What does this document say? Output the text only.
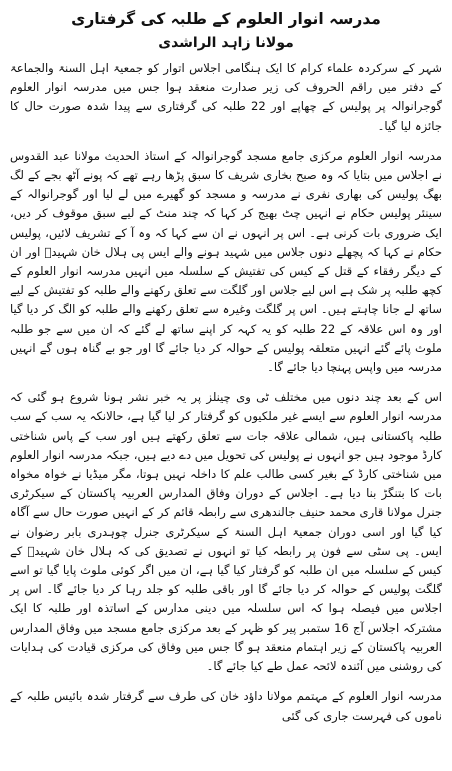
مدرسہ انوار العلوم کے طلبہ کی گرفتاری
مولانا زاہد الراشدی

شہر کے سرکردہ علماء کرام کا ایک ہنگامی اجلاس اتوار کو جمعیۃ اہل السنۃ والجماعۃ کے دفتر میں راقم الحروف کی زیر صدارت منعقد ہوا جس میں مدرسہ انوار العلوم گوجرانوالہ پر پولیس کے چھاپے اور 22 طلبہ کی گرفتاری سے پیدا شدہ صورت حال کا جائزہ لیا گیا۔

مدرسہ انوار العلوم مرکزی جامع مسجد گوجرانوالہ کے استاذ الحدیث مولانا عبد القدوس نے اجلاس میں بتایا کہ وہ صبح بخاری شریف کا سبق پڑھا رہے تھے کہ پونے آٹھ بجے کے لگ بھگ پولیس کی بھاری نفری نے مدرسہ و مسجد کو گھیرے میں لے لیا اور گوجرانوالہ کے سینئر پولیس حکام نے انہیں چٹ بھیج کر کہا کہ چند منٹ کے لیے سبق موقوف کر دیں، ایک ضروری بات کرنی ہے۔ اس پر انہوں نے ان سے کہا کہ وہ آ کے تشریف لائیں، پولیس حکام نے کہا کہ پچھلے دنوں جلاس میں شہید ہونے والے ایس پی ہلال خان شہیدؒ اور ان کے دیگر رفقاء کے قتل کے کیس کی تفتیش کے سلسلہ میں انہیں مدرسہ انوار العلوم کے کچھ طلبہ پر شک ہے اس لیے جلاس اور گلگت سے تعلق رکھنے والے طلبہ کو تفتیش کے لیے ساتھ لے جانا چاہتے ہیں۔ اس پر گلگت وغیرہ سے تعلق رکھنے والے طلبہ کو الگ کر دیا گیا اور وہ اس علاقہ کے 22 طلبہ کو یہ کہہ کر اپنے ساتھ لے گئے کہ ان میں سے جو طلبہ ملوث پائے گئے انہیں متعلقہ پولیس کے حوالہ کر دیا جائے گا اور جو بے گناہ ہوں گے انہیں مدرسہ میں واپس پہنچا دیا جائے گا۔

اس کے بعد چند دنوں میں مختلف ٹی وی چینلز پر یہ خبر نشر ہونا شروع ہو گئی کہ مدرسہ انوار العلوم سے ایسے غیر ملکیوں کو گرفتار کر لیا گیا ہے، حالانکہ یہ سب کے سب طلبہ پاکستانی ہیں، شمالی علاقہ جات سے تعلق رکھتے ہیں اور سب کے پاس شناختی کارڈ موجود ہیں جو انہوں نے پولیس کی تحویل میں دے دیے ہیں، جبکہ مدرسہ انوار العلوم میں شناختی کارڈ کے بغیر کسی طالب علم کا داخلہ نہیں ہوتا، مگر میڈیا نے خواہ مخواہ بات کا بتنگڑ بنا دیا ہے۔ اجلاس کے دوران وفاق المدارس العربیہ پاکستان کے سیکرٹری جنرل مولانا قاری محمد حنیف جالندھری سے رابطہ قائم کر کے انہیں صورت حال سے آگاہ کیا گیا اور اسی دوران جمعیۃ اہل السنۃ کے سیکرٹری جنرل چوہدری بابر رضوان نے ایس۔ پی سٹی سے فون پر رابطہ کیا تو انہوں نے تصدیق کی کہ ہلال خان شہیدؒ کے کیس کے سلسلہ میں ان طلبہ کو گرفتار کیا گیا ہے، ان میں اگر کوئی ملوث پایا گیا تو اسے گلگت پولیس کے حوالہ کر دیا جائے گا اور باقی طلبہ کو جلد رہا کر دیا جائے گا۔ اس پر اجلاس میں فیصلہ ہوا کہ اس سلسلہ میں دینی مدارس کے اساتذہ اور طلبہ کا ایک مشترکہ اجلاس آج 16 ستمبر پیر کو ظہر کے بعد مرکزی جامع مسجد میں وفاق المدارس العربیہ پاکستان کے زیر اہتمام منعقد ہو گا جس میں وفاق کی مرکزی قیادت کی ہدایات کی روشنی میں آئندہ لائحہ عمل طے کیا جائے گا۔

مدرسہ انوار العلوم کے مہتمم مولانا داؤد خان کی طرف سے گرفتار شدہ بائیس طلبہ کے ناموں کی فہرست جاری کی گئی
